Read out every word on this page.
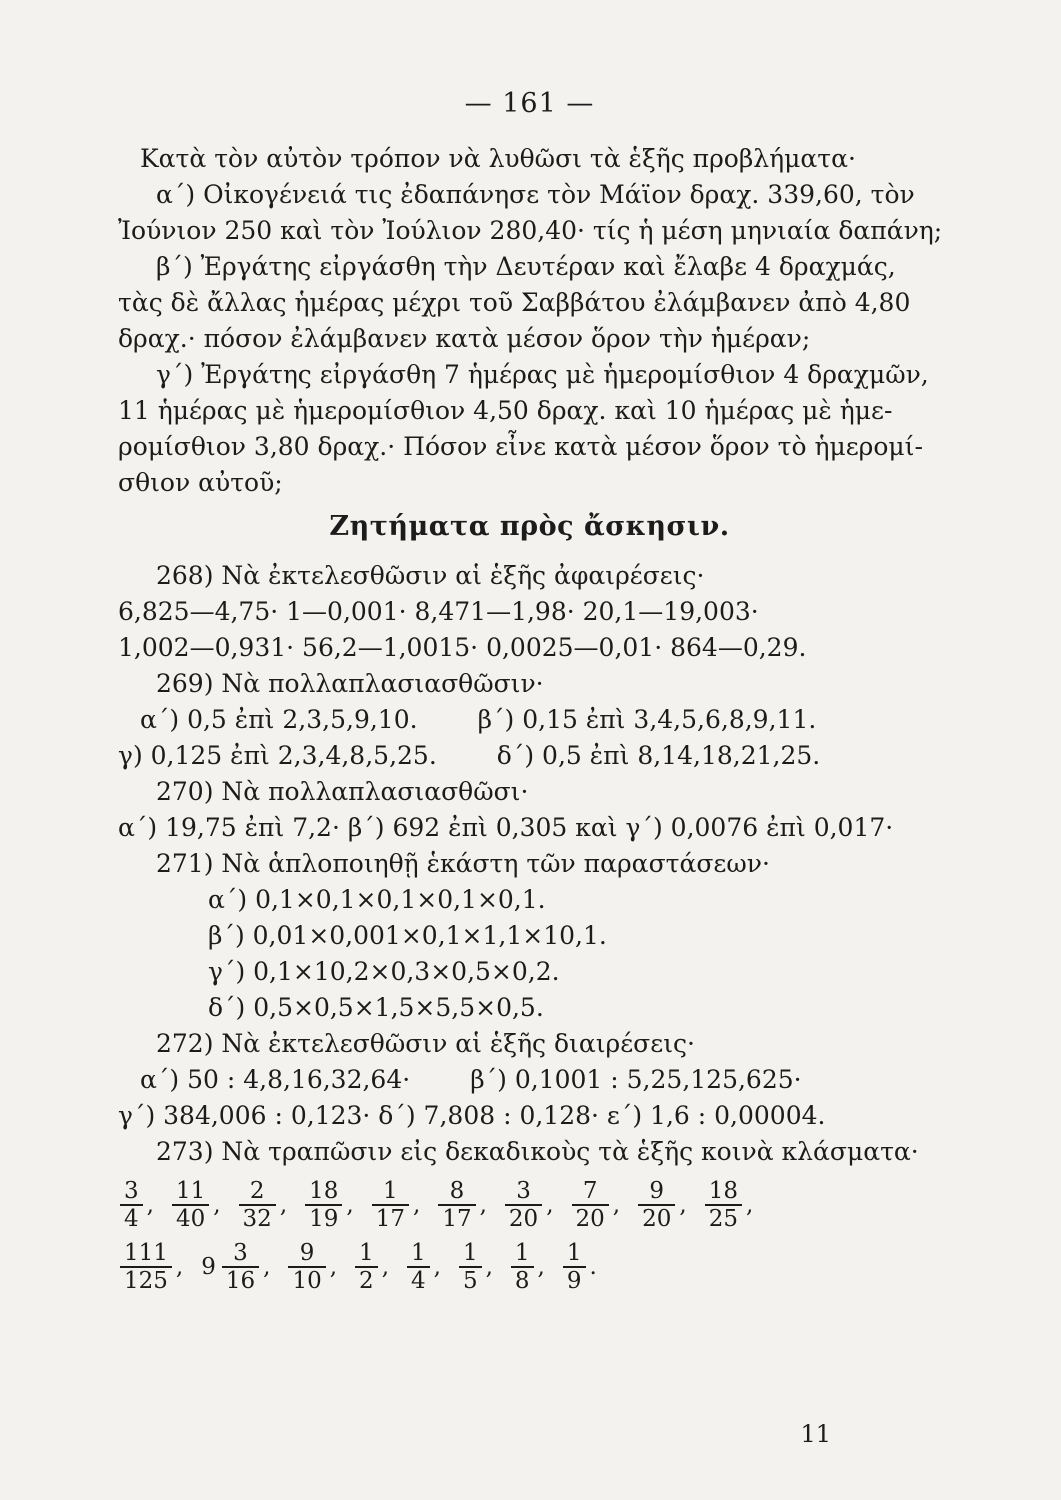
— 161 —
Κατὰ τὸν αὐτὸν τρόπον νὰ λυθῶσι τὰ ἑξῆς προβλήματα·
α΄) Οἰκογένειά τις ἐδαπάνησε τὸν Μάϊον δραχ. 339,60, τὸν
Ἰούνιον 250 καὶ τὸν Ἰούλιον 280,40· τίς ἡ μέση μηνιαία δαπάνη;
β΄) Ἐργάτης εἰργάσθη τὴν Δευτέραν καὶ ἔλαβε 4 δραχμάς,
τὰς δὲ ἄλλας ἡμέρας μέχρι τοῦ Σαββάτου ἐλάμβανεν ἀπὸ 4,80
δραχ.· πόσον ἐλάμβανεν κατὰ μέσον ὅρον τὴν ἡμέραν;
γ΄) Ἐργάτης εἰργάσθη 7 ἡμέρας μὲ ἡμερομίσθιον 4 δραχμῶν,
11 ἡμέρας μὲ ἡμερομίσθιον 4,50 δραχ. καὶ 10 ἡμέρας μὲ ἡμε-
ρομίσθιον 3,80 δραχ.· Πόσον εἶνε κατὰ μέσον ὅρον τὸ ἡμερομί-
σθιον αὐτοῦ;
Ζητήματα πρὸς ἄσκησιν.
268) Νὰ ἐκτελεσθῶσιν αἱ ἑξῆς ἀφαιρέσεις·
6,825—4,75· 1—0,001· 8,471—1,98· 20,1—19,003·
1,002—0,931· 56,2—1,0015· 0,0025—0,01· 864—0,29.
269) Νὰ πολλαπλασιασθῶσιν·
α΄) 0,5 ἐπὶ 2,3,5,9,10. β΄) 0,15 ἐπὶ 3,4,5,6,8,9,11.
γ) 0,125 ἐπὶ 2,3,4,8,5,25. δ΄) 0,5 ἐπὶ 8,14,18,21,25.
270) Νὰ πολλαπλασιασθῶσι·
α΄) 19,75 ἐπὶ 7,2· β΄) 692 ἐπὶ 0,305 καὶ γ΄) 0,0076 ἐπὶ 0,017·
271) Νὰ ἁπλοποιηθῇ ἑκάστη τῶν παραστάσεων·
α΄) 0,1×0,1×0,1×0,1×0,1.
β΄) 0,01×0,001×0,1×1,1×10,1.
γ΄) 0,1×10,2×0,3×0,5×0,2.
δ΄) 0,5×0,5×1,5×5,5×0,5.
272) Νὰ ἐκτελεσθῶσιν αἱ ἑξῆς διαιρέσεις·
α΄) 50 : 4,8,16,32,64· β΄) 0,1001 : 5,25,125,625·
γ΄) 384,006 : 0,123· δ΄) 7,808 : 0,128· ε΄) 1,6 : 0,00004.
273) Νὰ τραπῶσιν εἰς δεκαδικοὺς τὰ ἑξῆς κοινὰ κλάσματα·
$\frac{3}{4}$ , $\frac{11}{40}$ , $\frac{2}{32}$ , $\frac{18}{19}$ , $\frac{1}{17}$ , $\frac{8}{17}$ , $\frac{3}{20}$ , $\frac{7}{20}$ , $\frac{9}{20}$ , $\frac{18}{25}$ ,
$\frac{111}{125}$ , $9 \frac{3}{16}$ , $\frac{9}{10}$ , $\frac{1}{2}$ , $\frac{1}{4}$ , $\frac{1}{5}$ , $\frac{1}{8}$ , $\frac{1}{9}$ .
11
